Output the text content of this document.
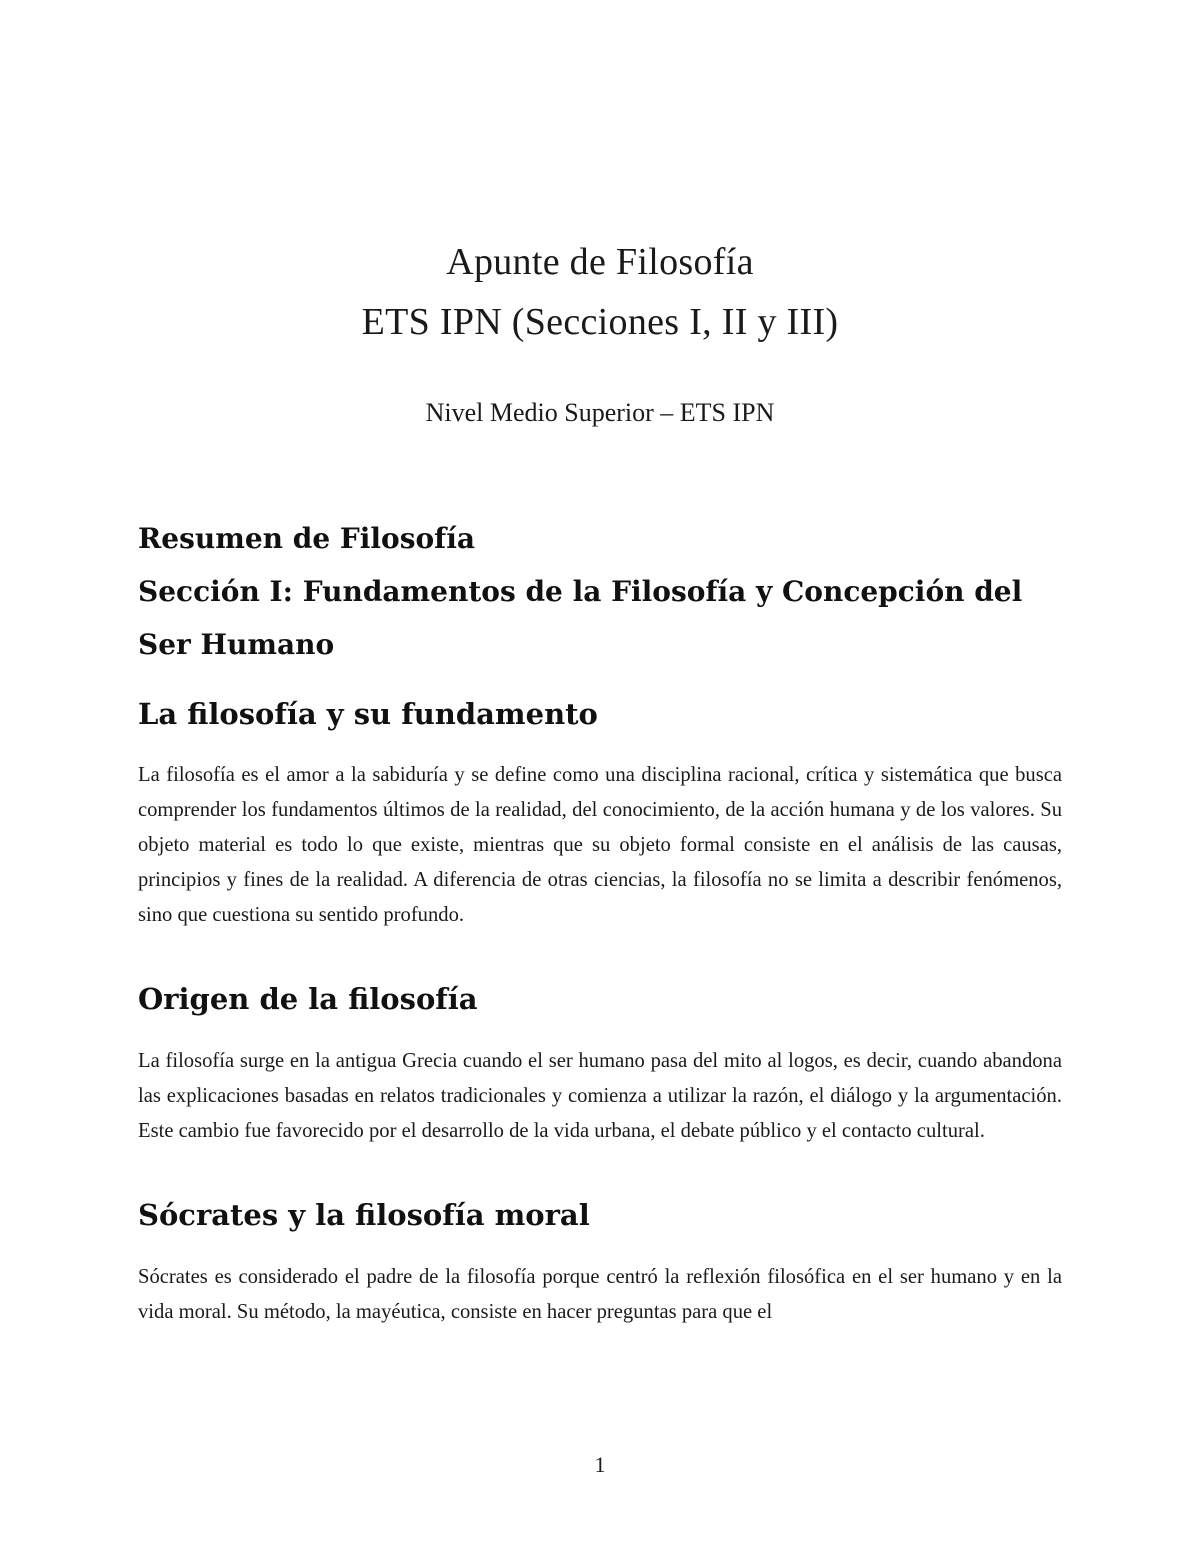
Apunte de Filosofía

ETS IPN (Secciones I, II y III)

Nivel Medio Superior – ETS IPN

Resumen de Filosofía
Sección I: Fundamentos de la Filosofía y Concepción del Ser Humano
La filosofía y su fundamento

La filosofía es el amor a la sabiduría y se define como una disciplina racional, crítica y sistemática que busca comprender los fundamentos últimos de la realidad, del conocimiento, de la acción humana y de los valores. Su objeto material es todo lo que existe, mientras que su objeto formal consiste en el análisis de las causas, principios y fines de la realidad. A diferencia de otras ciencias, la filosofía no se limita a describir fenómenos, sino que cuestiona su sentido profundo.

Origen de la filosofía

La filosofía surge en la antigua Grecia cuando el ser humano pasa del mito al logos, es decir, cuando abandona las explicaciones basadas en relatos tradicionales y comienza a utilizar la razón, el diálogo y la argumentación. Este cambio fue favorecido por el desarrollo de la vida urbana, el debate público y el contacto cultural.

Sócrates y la filosofía moral

Sócrates es considerado el padre de la filosofía porque centró la reflexión filosófica en el ser humano y en la vida moral. Su método, la mayéutica, consiste en hacer preguntas para que el

1
